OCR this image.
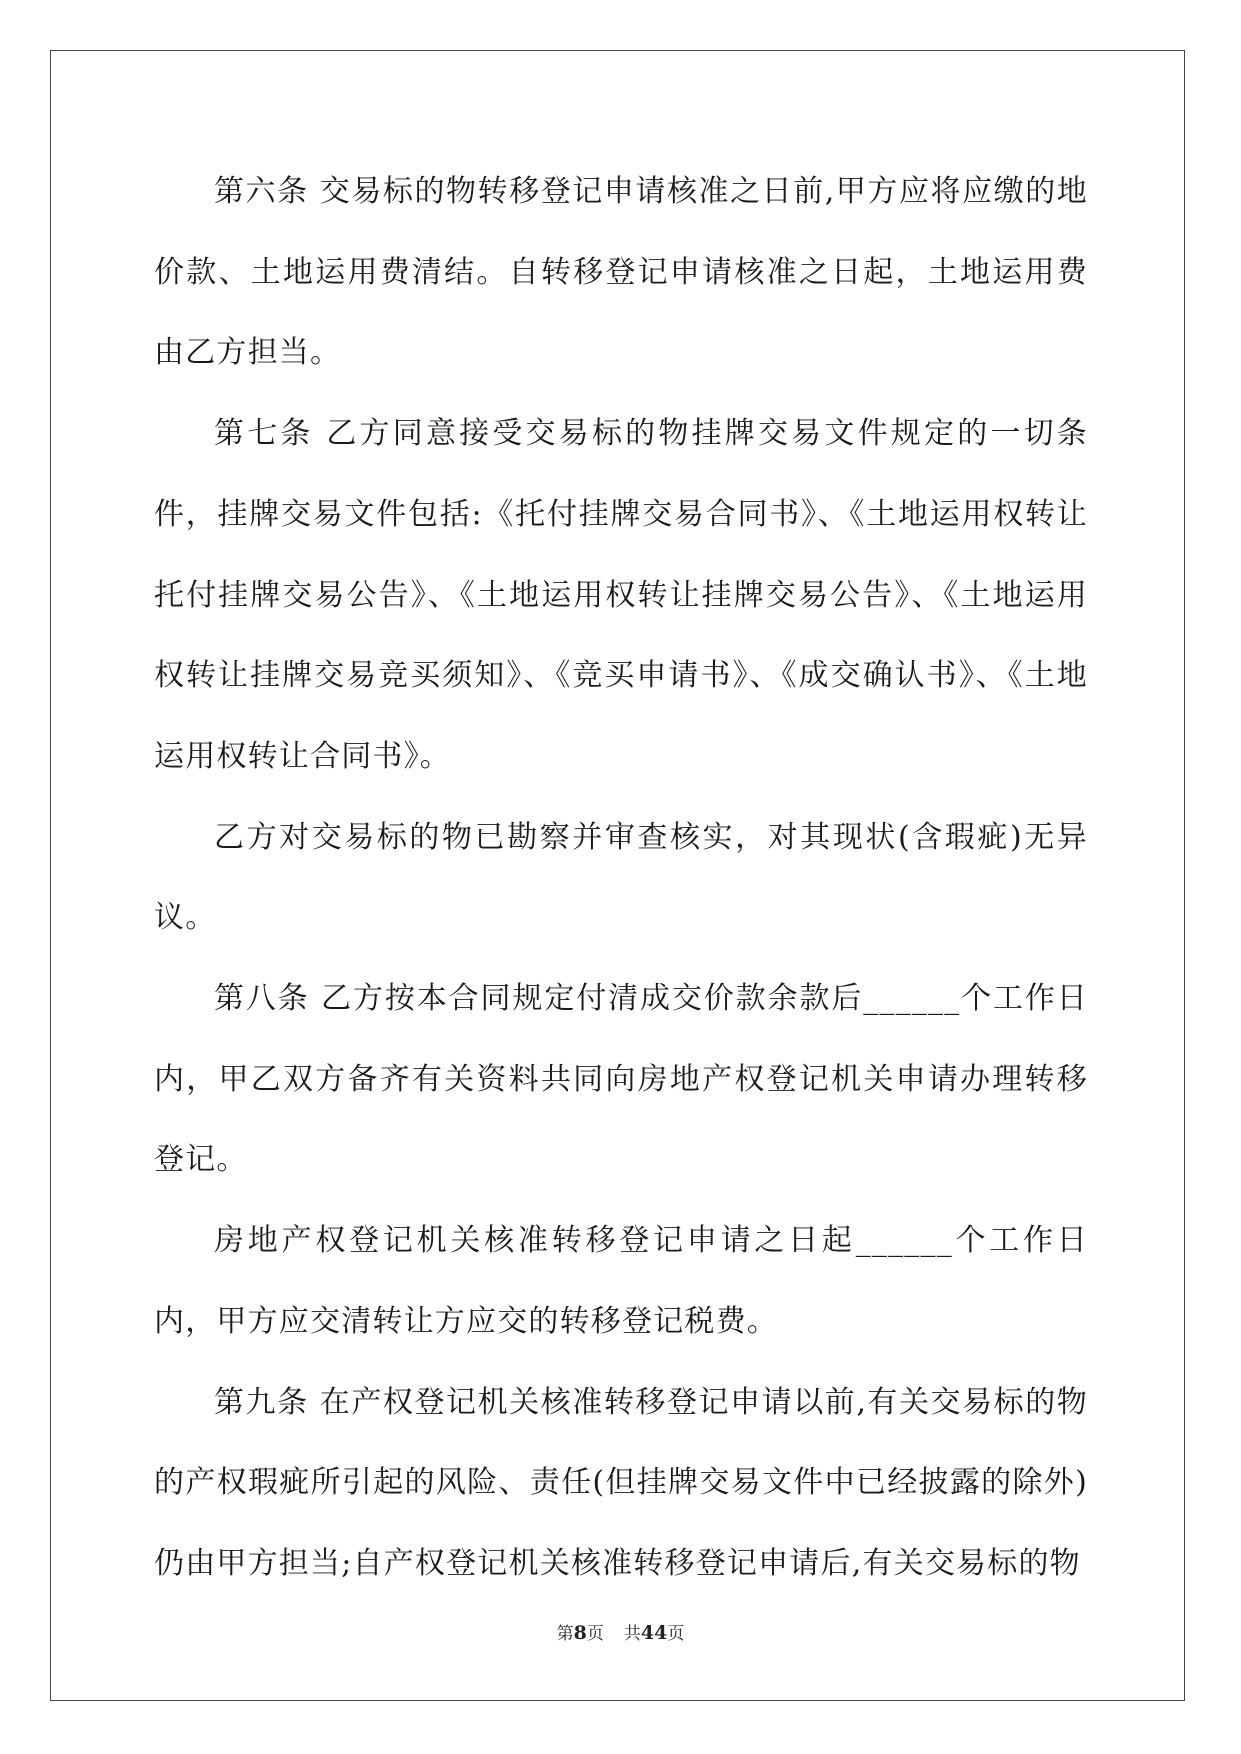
第六条 交易标的物转移登记申请核准之日前,甲方应将应缴的地价款、土地运用费清结。自转移登记申请核准之日起，土地运用费由乙方担当。

第七条 乙方同意接受交易标的物挂牌交易文件规定的一切条件，挂牌交易文件包括:《托付挂牌交易合同书》、《土地运用权转让托付挂牌交易公告》、《土地运用权转让挂牌交易公告》、《土地运用权转让挂牌交易竞买须知》、《竞买申请书》、《成交确认书》、《土地运用权转让合同书》。

乙方对交易标的物已勘察并审查核实，对其现状(含瑕疵)无异议。

第八条 乙方按本合同规定付清成交价款余款后______个工作日内，甲乙双方备齐有关资料共同向房地产权登记机关申请办理转移登记。

房地产权登记机关核准转移登记申请之日起______个工作日内，甲方应交清转让方应交的转移登记税费。

第九条 在产权登记机关核准转移登记申请以前,有关交易标的物的产权瑕疵所引起的风险、责任(但挂牌交易文件中已经披露的除外)仍由甲方担当;自产权登记机关核准转移登记申请后,有关交易标的物

第8页 共44页
